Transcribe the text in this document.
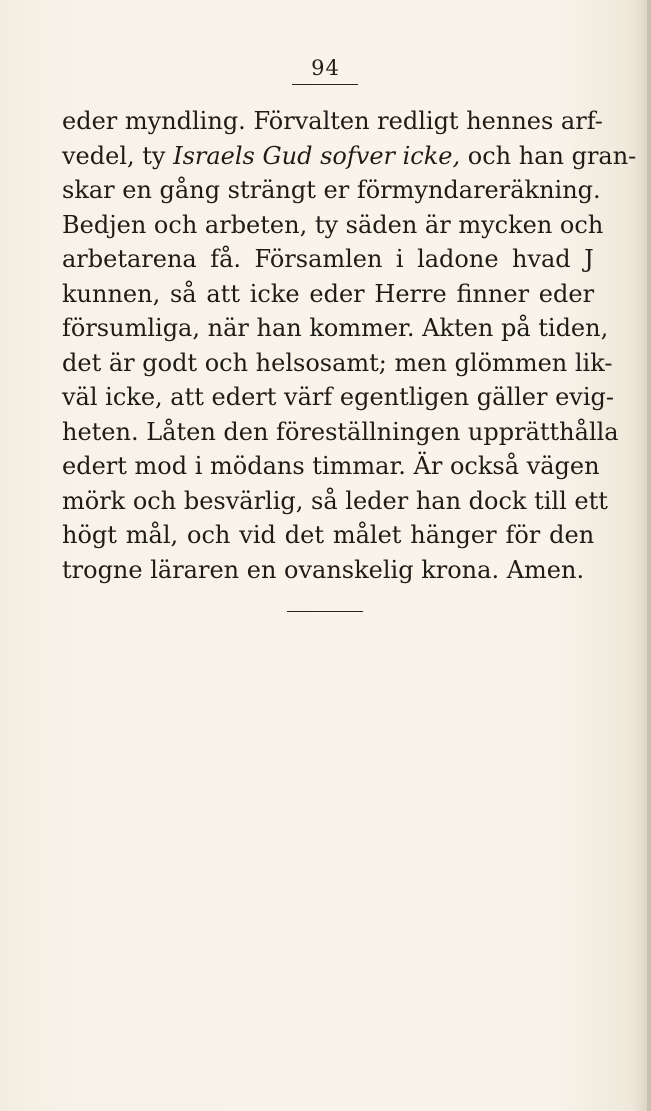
94
eder myndling. Förvalten redligt hennes arf-
vedel, ty Israels Gud sofver icke, och han gran-
skar en gång strängt er förmyndareräkning.
Bedjen och arbeten, ty säden är mycken och
arbetarena få. Församlen i ladone hvad J
kunnen, så att icke eder Herre finner eder
försumliga, när han kommer. Akten på tiden,
det är godt och helsosamt; men glömmen lik-
väl icke, att edert värf egentligen gäller evig-
heten. Låten den föreställningen upprätthålla
edert mod i mödans timmar. Är också vägen
mörk och besvärlig, så leder han dock till ett
högt mål, och vid det målet hänger för den
trogne läraren en ovanskelig krona. Amen.
